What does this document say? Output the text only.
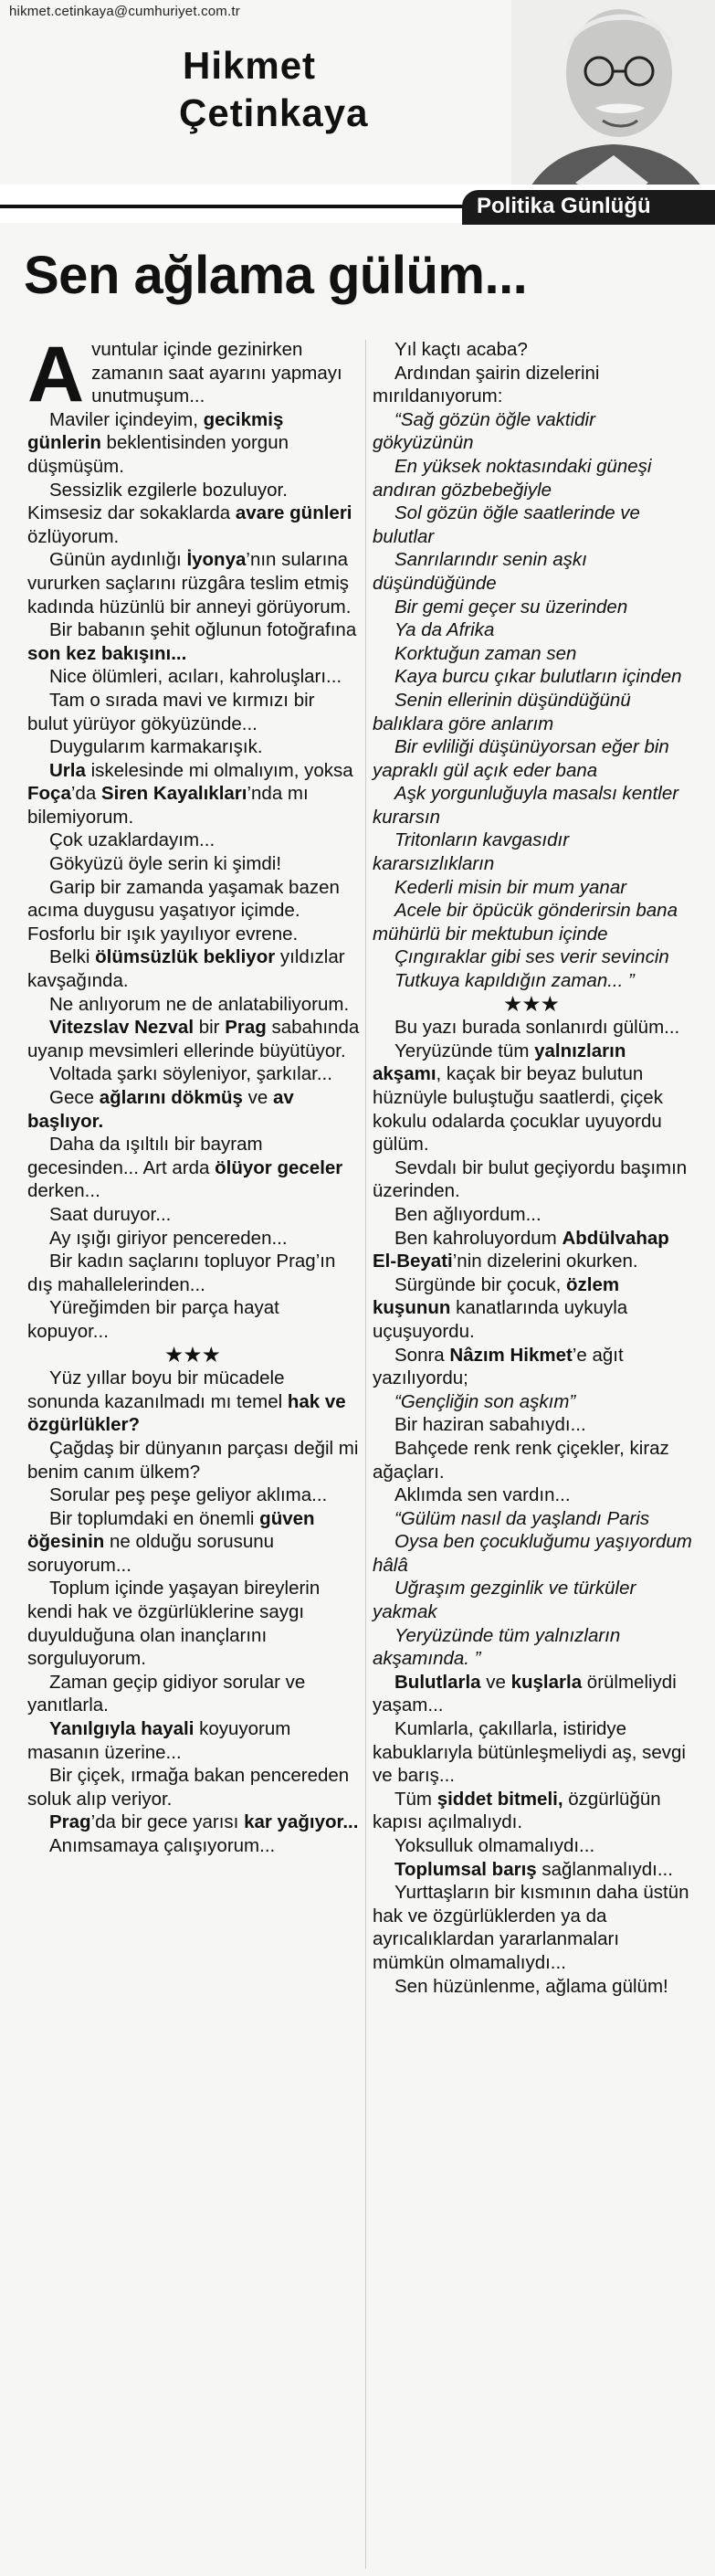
hikmet.cetinkaya@cumhuriyet.com.tr
Hikmet
Çetinkaya
Politika Günlüğü
Sen ağlama gülüm...

Avuntular içinde gezinirken zamanın saat ayarını yapmayı unutmuşum...

Maviler içindeyim, gecikmiş günlerin beklentisinden yorgun düşmüşüm.

Sessizlik ezgilerle bozuluyor. Kimsesiz dar sokaklarda avare günleri özlüyorum.

Günün aydınlığı İyonya’nın sularına vururken saçlarını rüzgâra teslim etmiş kadında hüzünlü bir anneyi görüyorum.

Bir babanın şehit oğlunun fotoğrafına son kez bakışını...

Nice ölümleri, acıları, kahroluşları...

Tam o sırada mavi ve kırmızı bir bulut yürüyor gökyüzünde...

Duygularım karmakarışık.

Urla iskelesinde mi olmalıyım, yoksa Foça’da Siren Kayalıkları’nda mı bilemiyorum.

Çok uzaklardayım...

Gökyüzü öyle serin ki şimdi!

Garip bir zamanda yaşamak bazen acıma duygusu yaşatıyor içimde. Fosforlu bir ışık yayılıyor evrene.

Belki ölümsüzlük bekliyor yıldızlar kavşağında.

Ne anlıyorum ne de anlatabiliyorum.

Vitezslav Nezval bir Prag sabahında uyanıp mevsimleri ellerinde büyütüyor.

Voltada şarkı söyleniyor, şarkılar...

Gece ağlarını dökmüş ve av başlıyor.

Daha da ışıltılı bir bayram gecesinden... Art arda ölüyor geceler derken...

Saat duruyor...

Ay ışığı giriyor pencereden...

Bir kadın saçlarını topluyor Prag’ın dış mahallelerinden...

Yüreğimden bir parça hayat kopuyor...

★★★

Yüz yıllar boyu bir mücadele sonunda kazanılmadı mı temel hak ve özgürlükler?

Çağdaş bir dünyanın parçası değil mi benim canım ülkem?

Sorular peş peşe geliyor aklıma...

Bir toplumdaki en önemli güven öğesinin ne olduğu sorusunu soruyorum...

Toplum içinde yaşayan bireylerin kendi hak ve özgürlüklerine saygı duyulduğuna olan inançlarını sorguluyorum.

Zaman geçip gidiyor sorular ve yanıtlarla.

Yanılgıyla hayali koyuyorum masanın üzerine...

Bir çiçek, ırmağa bakan pencereden soluk alıp veriyor.

Prag’da bir gece yarısı kar yağıyor...

Anımsamaya çalışıyorum...

Yıl kaçtı acaba?

Ardından şairin dizelerini mırıldanıyorum:

“Sağ gözün öğle vaktidir gökyüzünün

En yüksek noktasındaki güneşi andıran gözbebeğiyle

Sol gözün öğle saatlerinde ve bulutlar

Sanrılarındır senin aşkı düşündüğünde

Bir gemi geçer su üzerinden

Ya da Afrika

Korktuğun zaman sen

Kaya burcu çıkar bulutların içinden

Senin ellerinin düşündüğünü balıklara göre anlarım

Bir evliliği düşünüyorsan eğer bin yapraklı gül açık eder bana

Aşk yorgunluğuyla masalsı kentler kurarsın

Tritonların kavgasıdır kararsızlıkların

Kederli misin bir mum yanar

Acele bir öpücük gönderirsin bana mühürlü bir mektubun içinde

Çıngıraklar gibi ses verir sevincin

Tutkuya kapıldığın zaman... ”

★★★

Bu yazı burada sonlanırdı gülüm...

Yeryüzünde tüm yalnızların akşamı, kaçak bir beyaz bulutun hüznüyle buluştuğu saatlerdi, çiçek kokulu odalarda çocuklar uyuyordu gülüm.

Sevdalı bir bulut geçiyordu başımın üzerinden.

Ben ağlıyordum...

Ben kahroluyordum Abdülvahap El-Beyati’nin dizelerini okurken.

Sürgünde bir çocuk, özlem kuşunun kanatlarında uykuyla uçuşuyordu.

Sonra Nâzım Hikmet’e ağıt yazılıyordu;

“Gençliğin son aşkım”

Bir haziran sabahıydı...

Bahçede renk renk çiçekler, kiraz ağaçları.

Aklımda sen vardın...

“Gülüm nasıl da yaşlandı Paris

Oysa ben çocukluğumu yaşıyordum hâlâ

Uğraşım gezginlik ve türküler yakmak

Yeryüzünde tüm yalnızların akşamında. ”

Bulutlarla ve kuşlarla örülmeliydi yaşam...

Kumlarla, çakıllarla, istiridye kabuklarıyla bütünleşmeliydi aş, sevgi ve barış...

Tüm şiddet bitmeli, özgürlüğün kapısı açılmalıydı.

Yoksulluk olmamalıydı...

Toplumsal barış sağlanmalıydı...

Yurttaşların bir kısmının daha üstün hak ve özgürlüklerden ya da ayrıcalıklardan yararlanmaları mümkün olmamalıydı...

Sen hüzünlenme, ağlama gülüm!
